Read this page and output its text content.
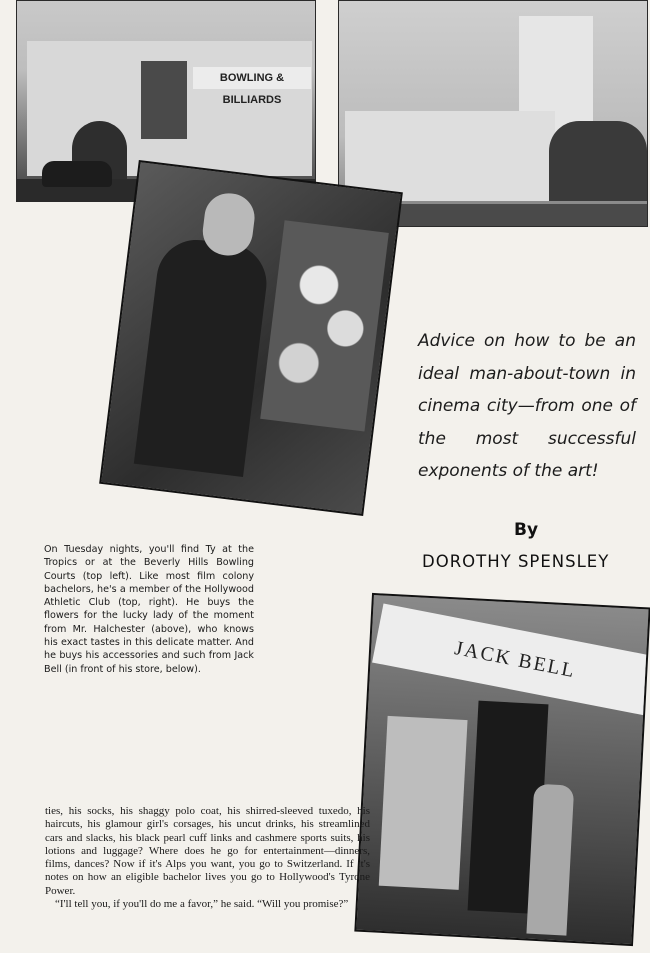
BOWLING & BILLIARDS
Advice on how to be an ideal man-about-town in cinema city—from one of the most successful exponents of the art!
By
DOROTHY SPENSLEY
On Tuesday nights, you'll find Ty at the Tropics or at the Beverly Hills Bowling Courts (top left). Like most film colony bachelors, he's a member of the Hollywood Athletic Club (top, right). He buys the flowers for the lucky lady of the moment from Mr. Halchester (above), who knows his exact tastes in this delicate matter. And he buys his accessories and such from Jack Bell (in front of his store, below).	JACK BELL

ties, his socks, his shaggy polo coat, his shirred-sleeved tuxedo, his haircuts, his glamour girl's corsages, his uncut drinks, his streamlined cars and slacks, his black pearl cuff links and cashmere sports suits, his lotions and luggage? Where does he go for entertainment—dinners, films, dances? Now if it's Alps you want, you go to Switzerland. If it's notes on how an eligible bachelor lives you go to Hollywood's Tyrone Power.

“I'll tell you, if you'll do me a favor,” he said. “Will you promise?”
